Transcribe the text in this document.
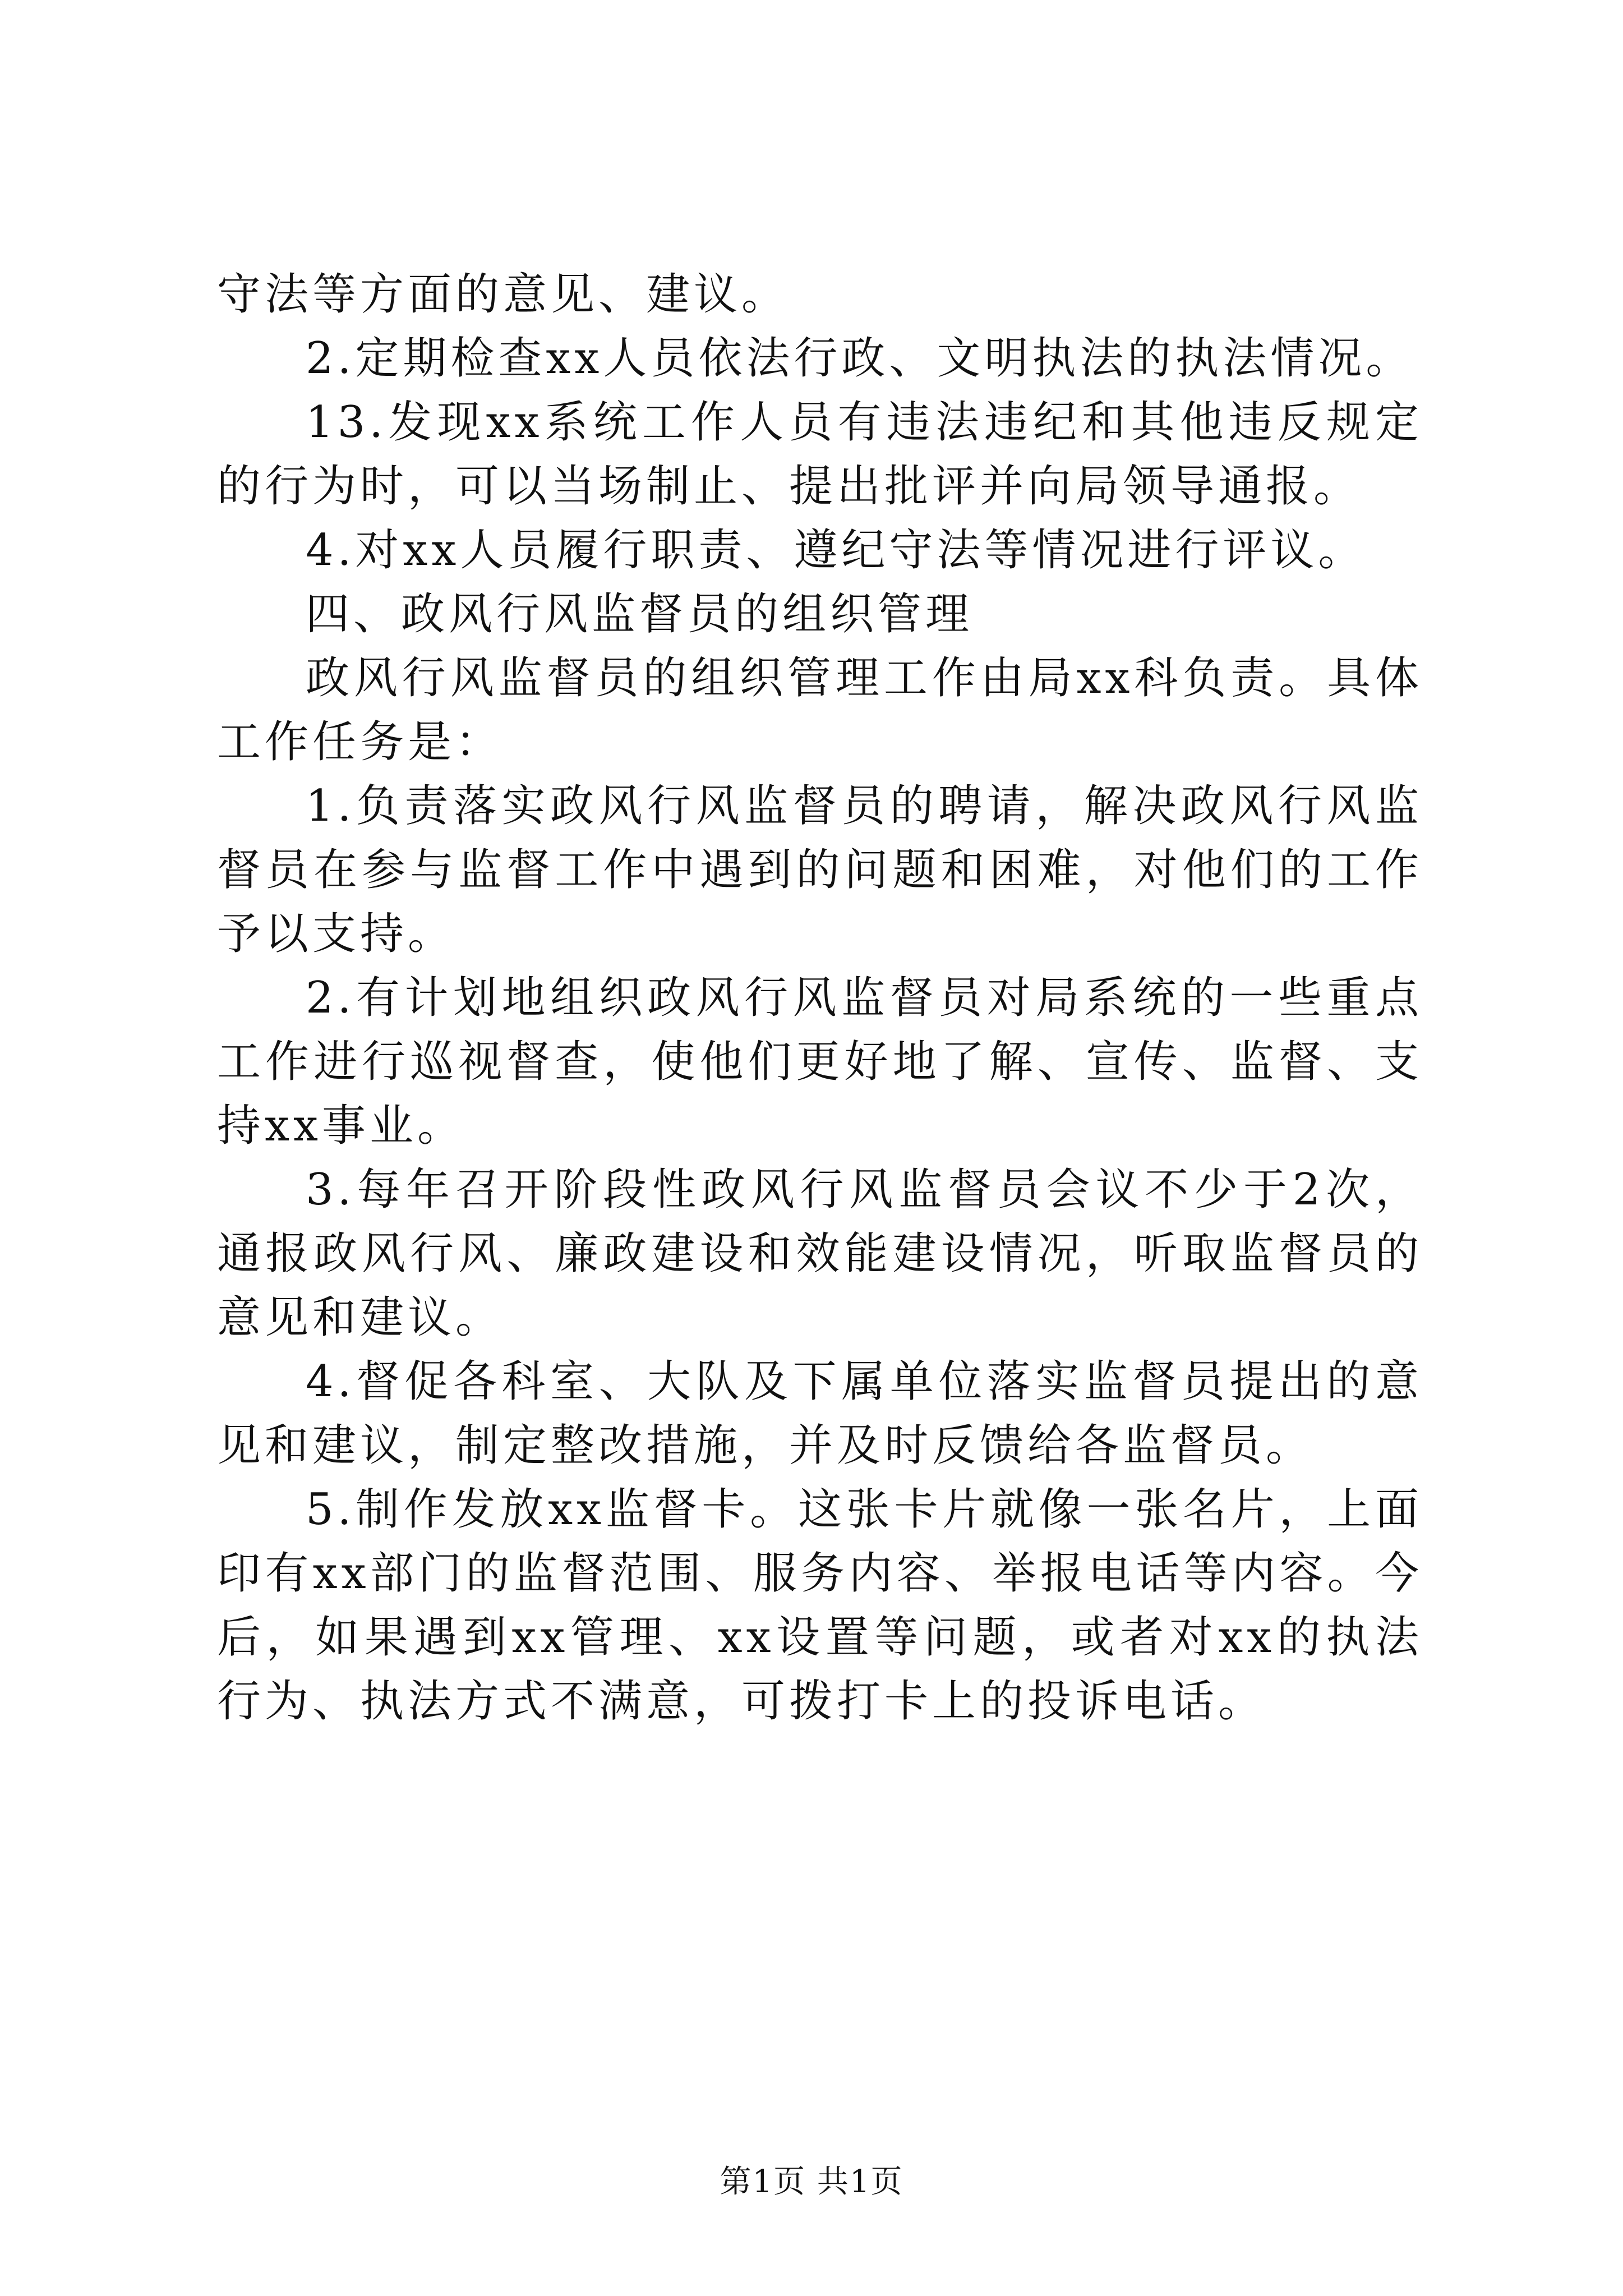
守法等方面的意见、建议。

2.定期检查xx人员依法行政、文明执法的执法情况。

13.发现xx系统工作人员有违法违纪和其他违反规定的行为时，可以当场制止、提出批评并向局领导通报。

4.对xx人员履行职责、遵纪守法等情况进行评议。

四、政风行风监督员的组织管理

政风行风监督员的组织管理工作由局xx科负责。具体工作任务是：

1.负责落实政风行风监督员的聘请，解决政风行风监督员在参与监督工作中遇到的问题和困难，对他们的工作予以支持。

2.有计划地组织政风行风监督员对局系统的一些重点工作进行巡视督查，使他们更好地了解、宣传、监督、支持xx事业。

3.每年召开阶段性政风行风监督员会议不少于2次，通报政风行风、廉政建设和效能建设情况，听取监督员的意见和建议。

4.督促各科室、大队及下属单位落实监督员提出的意见和建议，制定整改措施，并及时反馈给各监督员。

5.制作发放xx监督卡。这张卡片就像一张名片，上面印有xx部门的监督范围、服务内容、举报电话等内容。今后，如果遇到xx管理、xx设置等问题，或者对xx的执法行为、执法方式不满意，可拨打卡上的投诉电话。

第1页 共1页
